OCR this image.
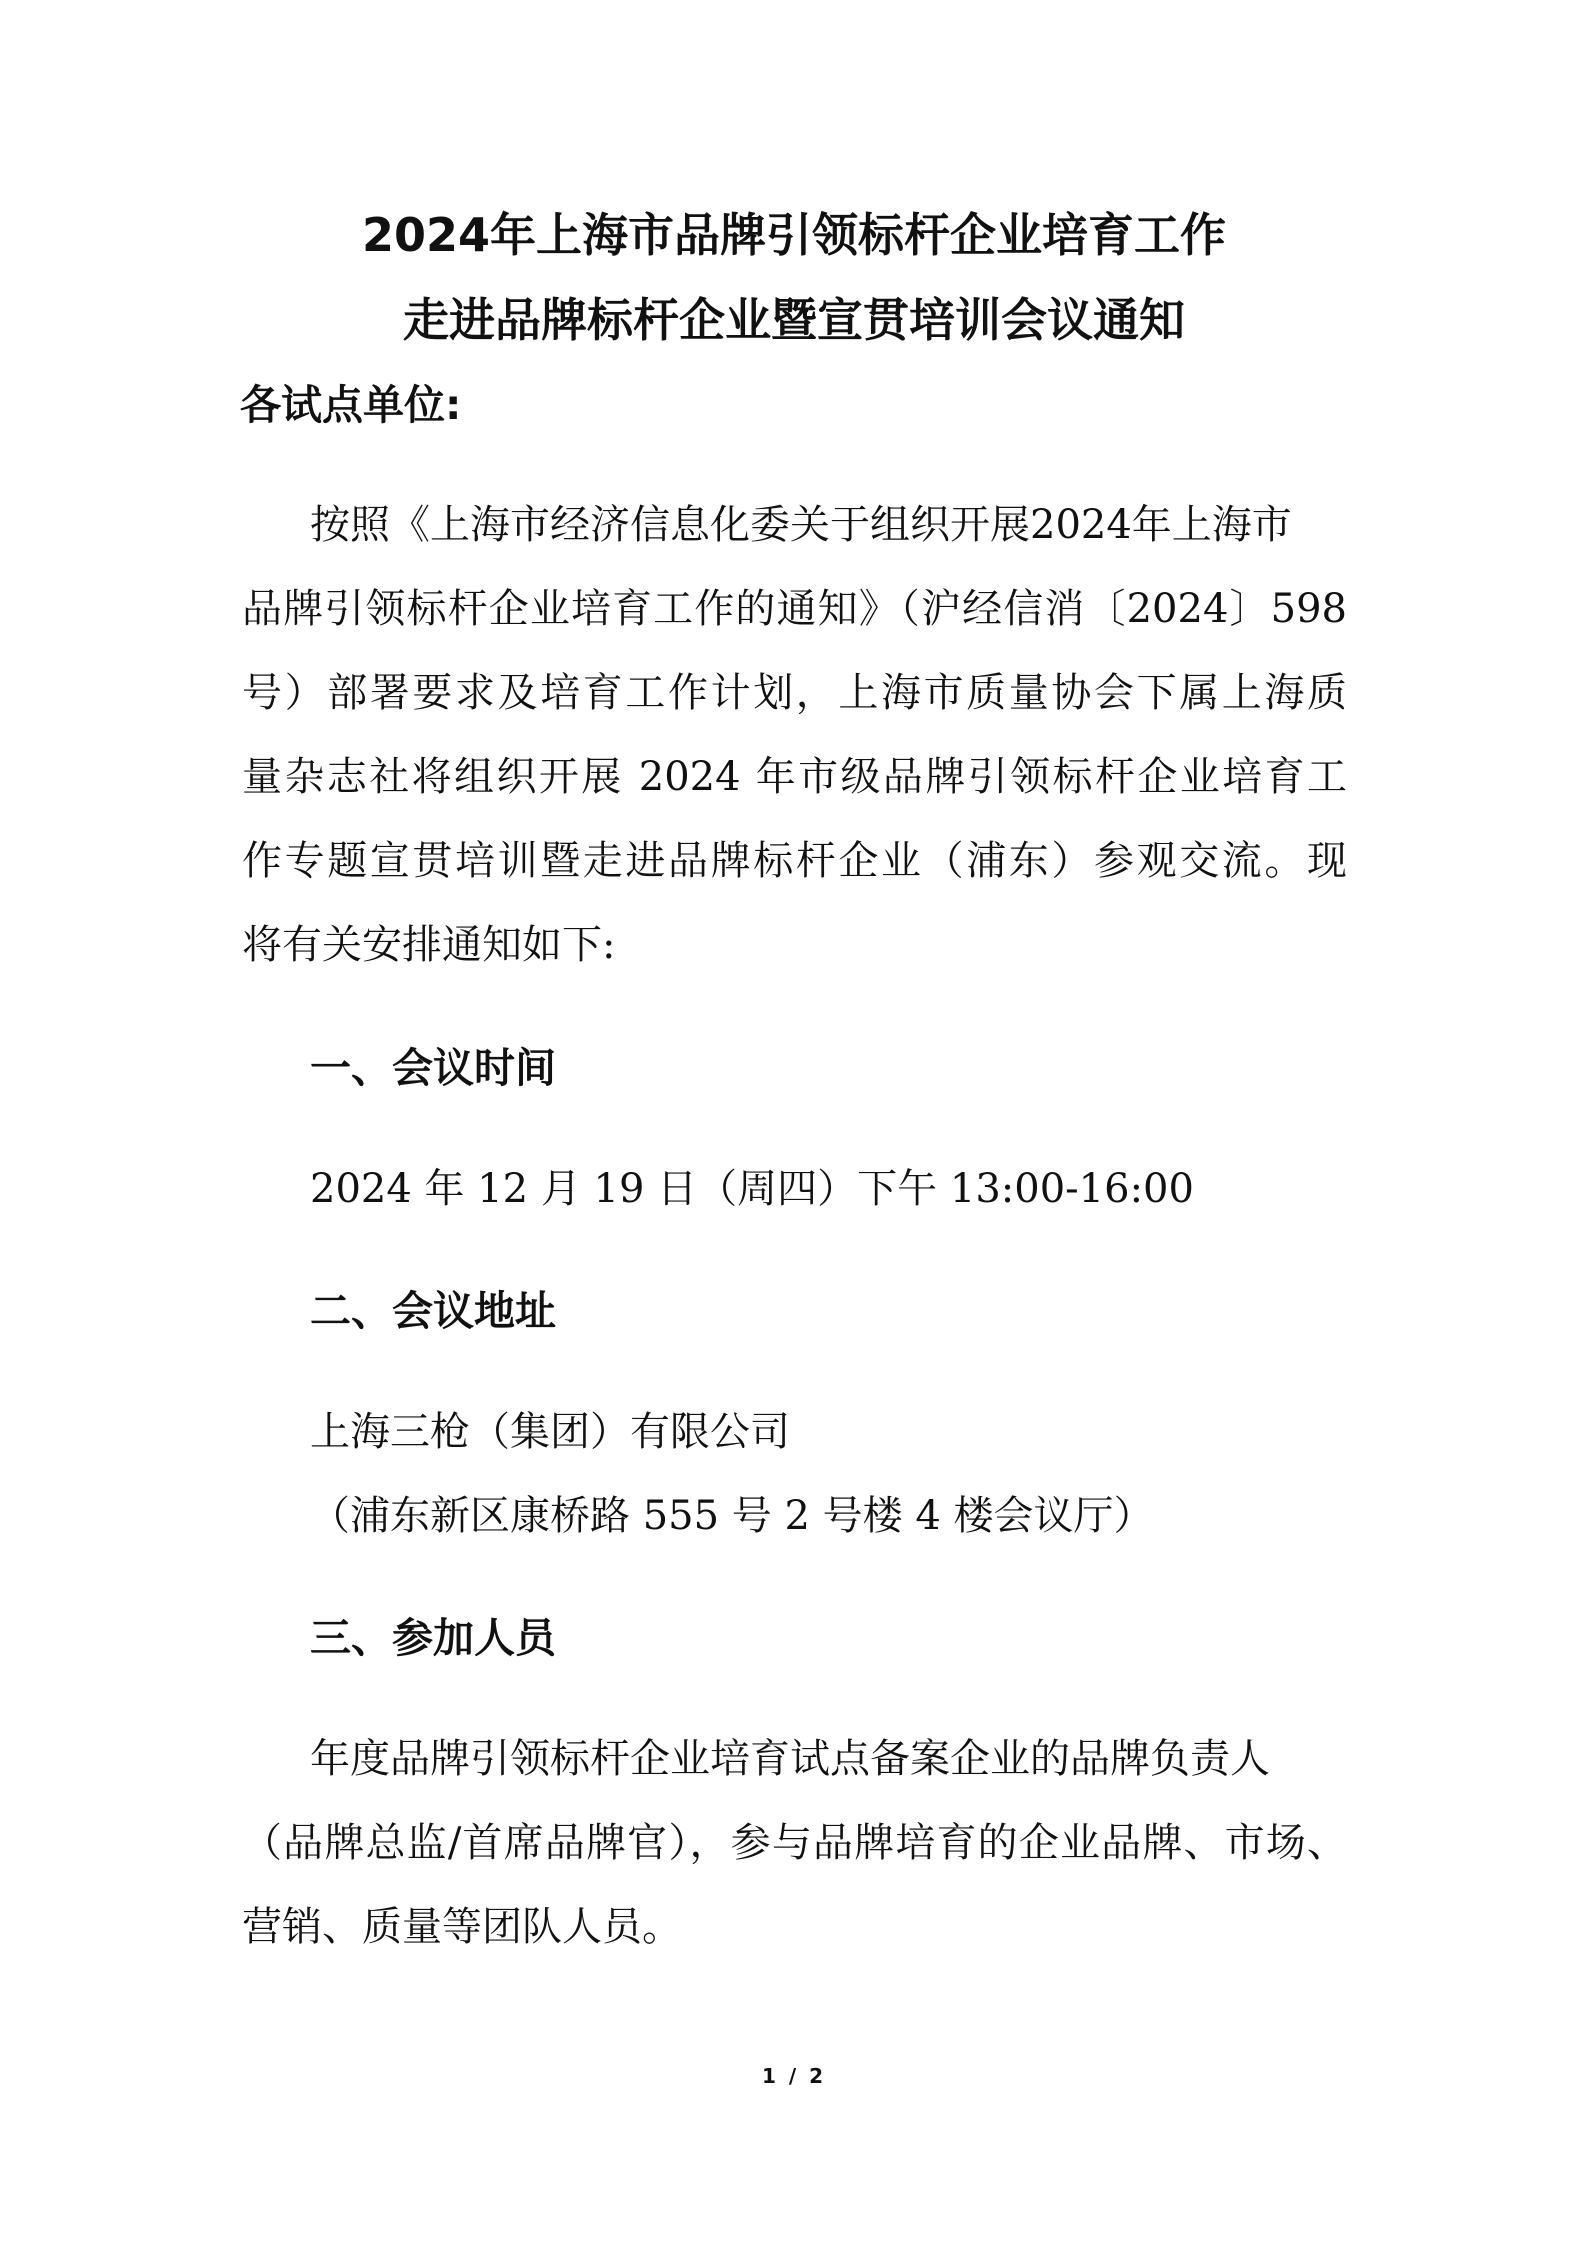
2024年上海市品牌引领标杆企业培育工作
走进品牌标杆企业暨宣贯培训会议通知
各试点单位:
按照《上海市经济信息化委关于组织开展2024年上海市
品牌引领标杆企业培育工作的通知》（沪经信消〔2024〕598
号）部署要求及培育工作计划，上海市质量协会下属上海质
量杂志社将组织开展 2024 年市级品牌引领标杆企业培育工
作专题宣贯培训暨走进品牌标杆企业（浦东）参观交流。现
将有关安排通知如下:
一、会议时间
2024 年 12 月 19 日（周四）下午 13:00-16:00
二、会议地址
上海三枪（集团）有限公司
（浦东新区康桥路 555 号 2 号楼 4 楼会议厅）
三、参加人员
年度品牌引领标杆企业培育试点备案企业的品牌负责人
（品牌总监/首席品牌官），参与品牌培育的企业品牌、市场、
营销、质量等团队人员。
1 / 2
